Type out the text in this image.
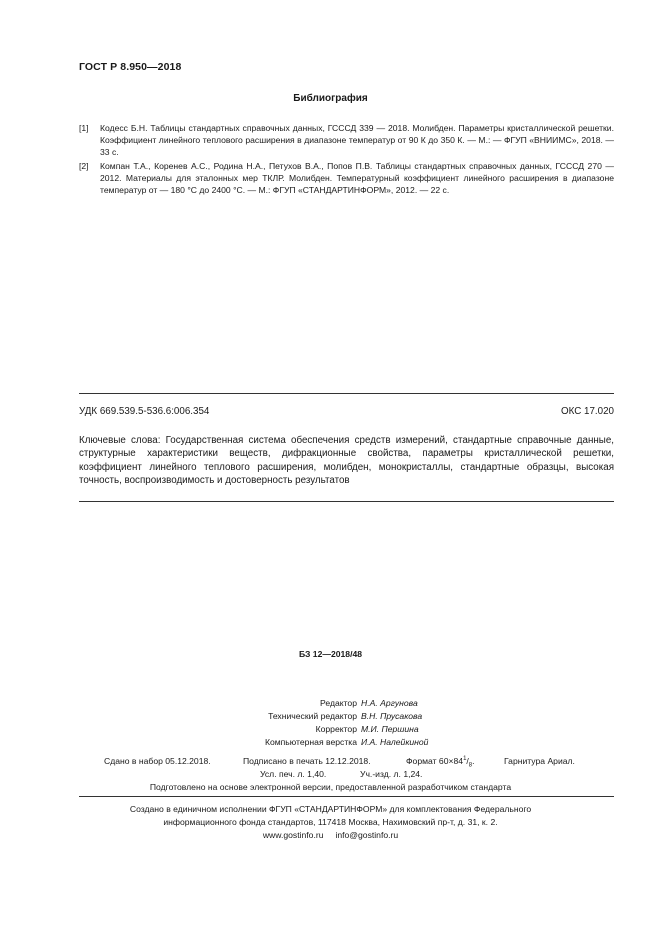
ГОСТ Р 8.950—2018
Библиография
[1]	Кодесс Б.Н. Таблицы стандартных справочных данных, ГСССД 339 — 2018. Молибден. Параметры кристаллической решетки. Коэффициент линейного теплового расширения в диапазоне температур от 90 К до 350 К. — М.: — ФГУП «ВНИИМС», 2018. — 33 с.
[2]	Компан Т.А., Коренев А.С., Родина Н.А., Петухов В.А., Попов П.В. Таблицы стандартных справочных данных, ГСССД 270 — 2012. Материалы для эталонных мер ТКЛР. Молибден. Температурный коэффициент линейного расширения в диапазоне температур от — 180 °С до 2400 °С. — М.: ФГУП «СТАНДАРТИНФОРМ», 2012. — 22 с.
УДК 669.539.5-536.6:006.354	ОКС 17.020
Ключевые слова: Государственная система обеспечения средств измерений, стандартные справочные данные, структурные характеристики веществ, дифракционные свойства, параметры кристаллической решетки, коэффициент линейного теплового расширения, молибден, монокристаллы, стандартные образцы, высокая точность, воспроизводимость и достоверность результатов
БЗ 12—2018/48
Редактор Н.А. Аргунова
Технический редактор В.Н. Прусакова
Корректор М.И. Першина
Компьютерная верстка И.А. Налейкиной
Сдано в набор 05.12.2018.	Подписано в печать 12.12.2018.	Формат $60\times 84^1/_8$.	Гарнитура Ариал.
Усл. печ. л. 1,40.	Уч.-изд. л. 1,24.
Подготовлено на основе электронной версии, предоставленной разработчиком стандарта
Создано в единичном исполнении ФГУП «СТАНДАРТИНФОРМ» для комплектования Федерального
информационного фонда стандартов, 117418 Москва, Нахимовский пр-т, д. 31, к. 2.
www.gostinfo.ru info@gostinfo.ru
